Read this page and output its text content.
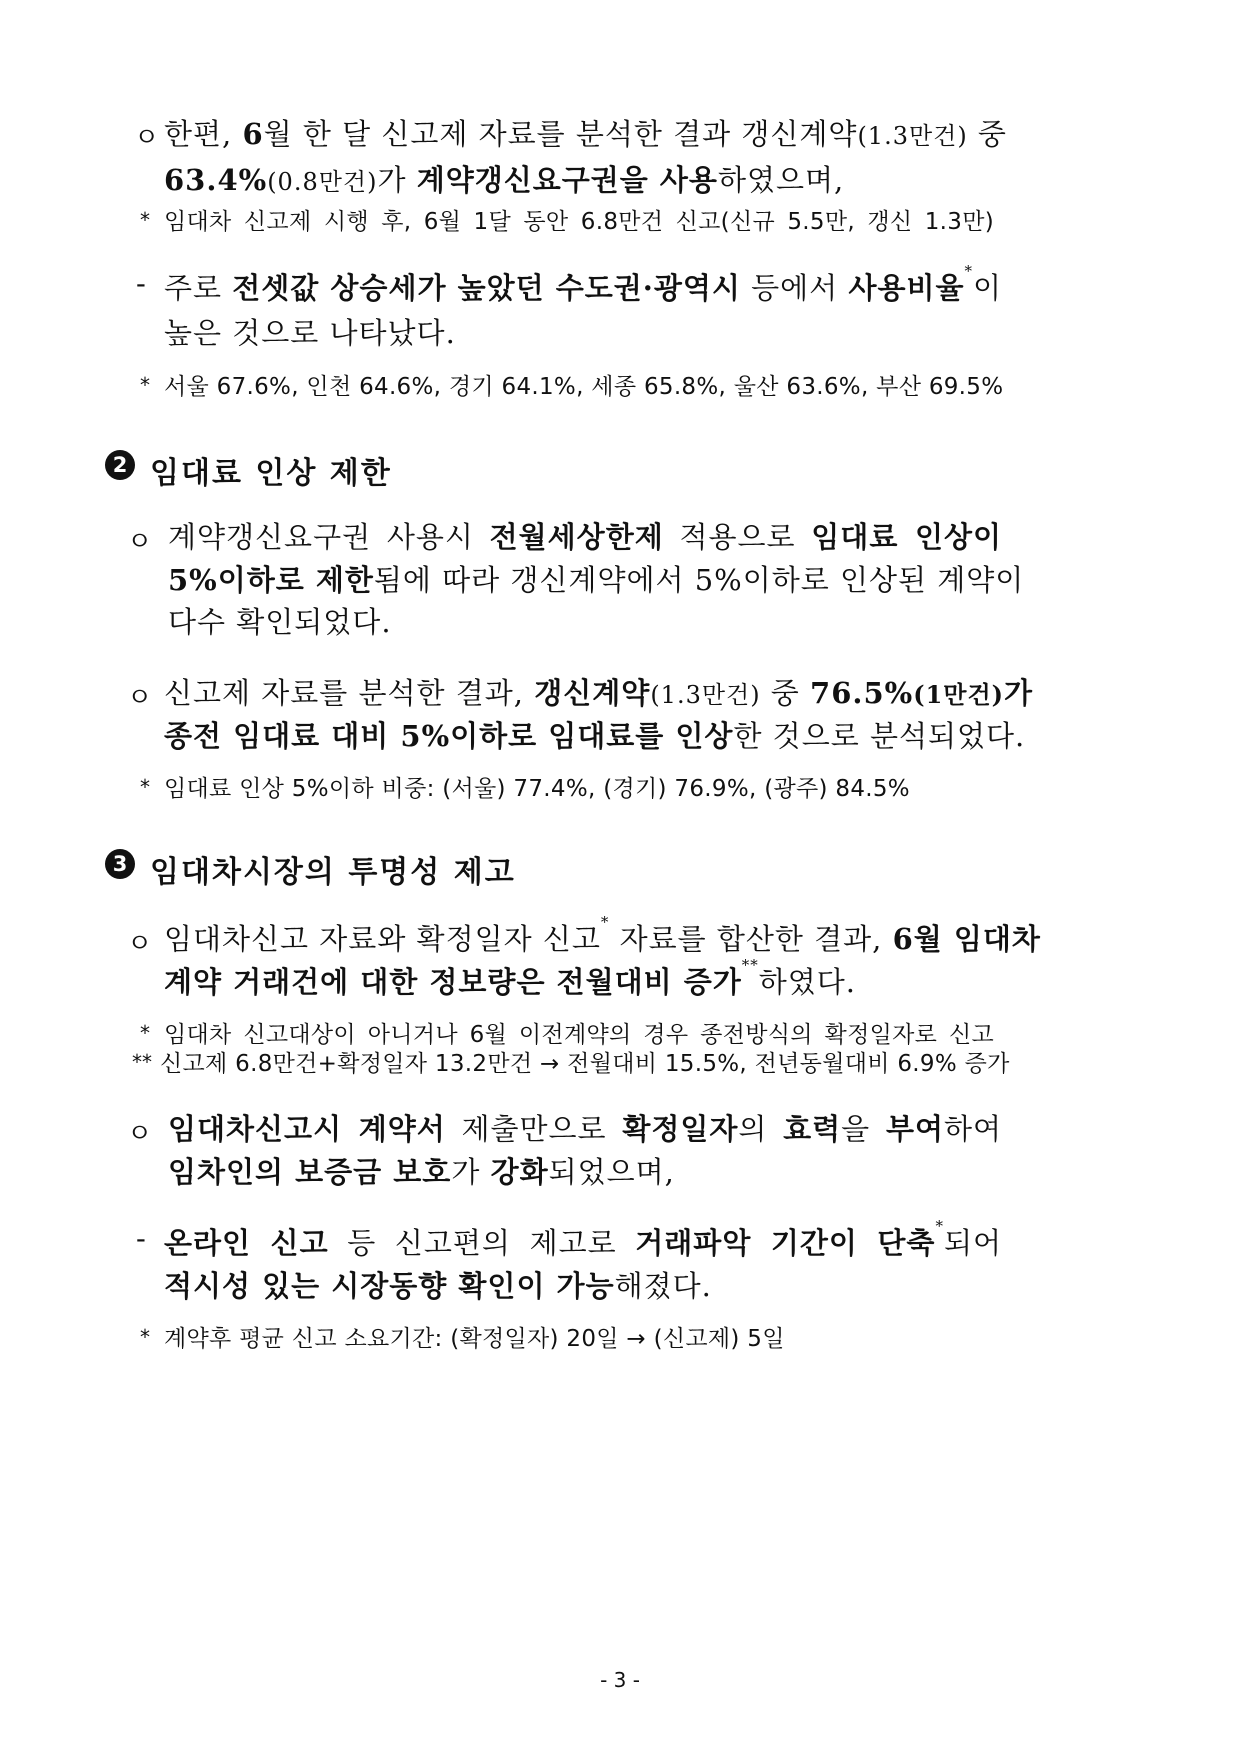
ㅇ 한편, 6월 한 달 신고제 자료를 분석한 결과 갱신계약(1.3만건) 중
63.4%(0.8만건)가 계약갱신요구권을 사용하였으며,
* 임대차 신고제 시행 후, 6월 1달 동안 6.8만건 신고(신규 5.5만, 갱신 1.3만)
- 주로 전셋값 상승세가 높았던 수도권·광역시 등에서 사용비율*이
높은 것으로 나타났다.
* 서울 67.6%, 인천 64.6%, 경기 64.1%, 세종 65.8%, 울산 63.6%, 부산 69.5%
2 임대료 인상 제한
ㅇ 계약갱신요구권 사용시 전월세상한제 적용으로 임대료 인상이
5%이하로 제한됨에 따라 갱신계약에서 5%이하로 인상된 계약이
다수 확인되었다.
ㅇ 신고제 자료를 분석한 결과, 갱신계약(1.3만건) 중 76.5%(1만건)가
종전 임대료 대비 5%이하로 임대료를 인상한 것으로 분석되었다.
* 임대료 인상 5%이하 비중: (서울) 77.4%, (경기) 76.9%, (광주) 84.5%
3 임대차시장의 투명성 제고
ㅇ 임대차신고 자료와 확정일자 신고* 자료를 합산한 결과, 6월 임대차
계약 거래건에 대한 정보량은 전월대비 증가**하였다.
* 임대차 신고대상이 아니거나 6월 이전계약의 경우 종전방식의 확정일자로 신고
** 신고제 6.8만건+확정일자 13.2만건 → 전월대비 15.5%, 전년동월대비 6.9% 증가
ㅇ 임대차신고시 계약서 제출만으로 확정일자의 효력을 부여하여
임차인의 보증금 보호가 강화되었으며,
- 온라인 신고 등 신고편의 제고로 거래파악 기간이 단축*되어
적시성 있는 시장동향 확인이 가능해졌다.
* 계약후 평균 신고 소요기간: (확정일자) 20일 → (신고제) 5일
- 3 -
